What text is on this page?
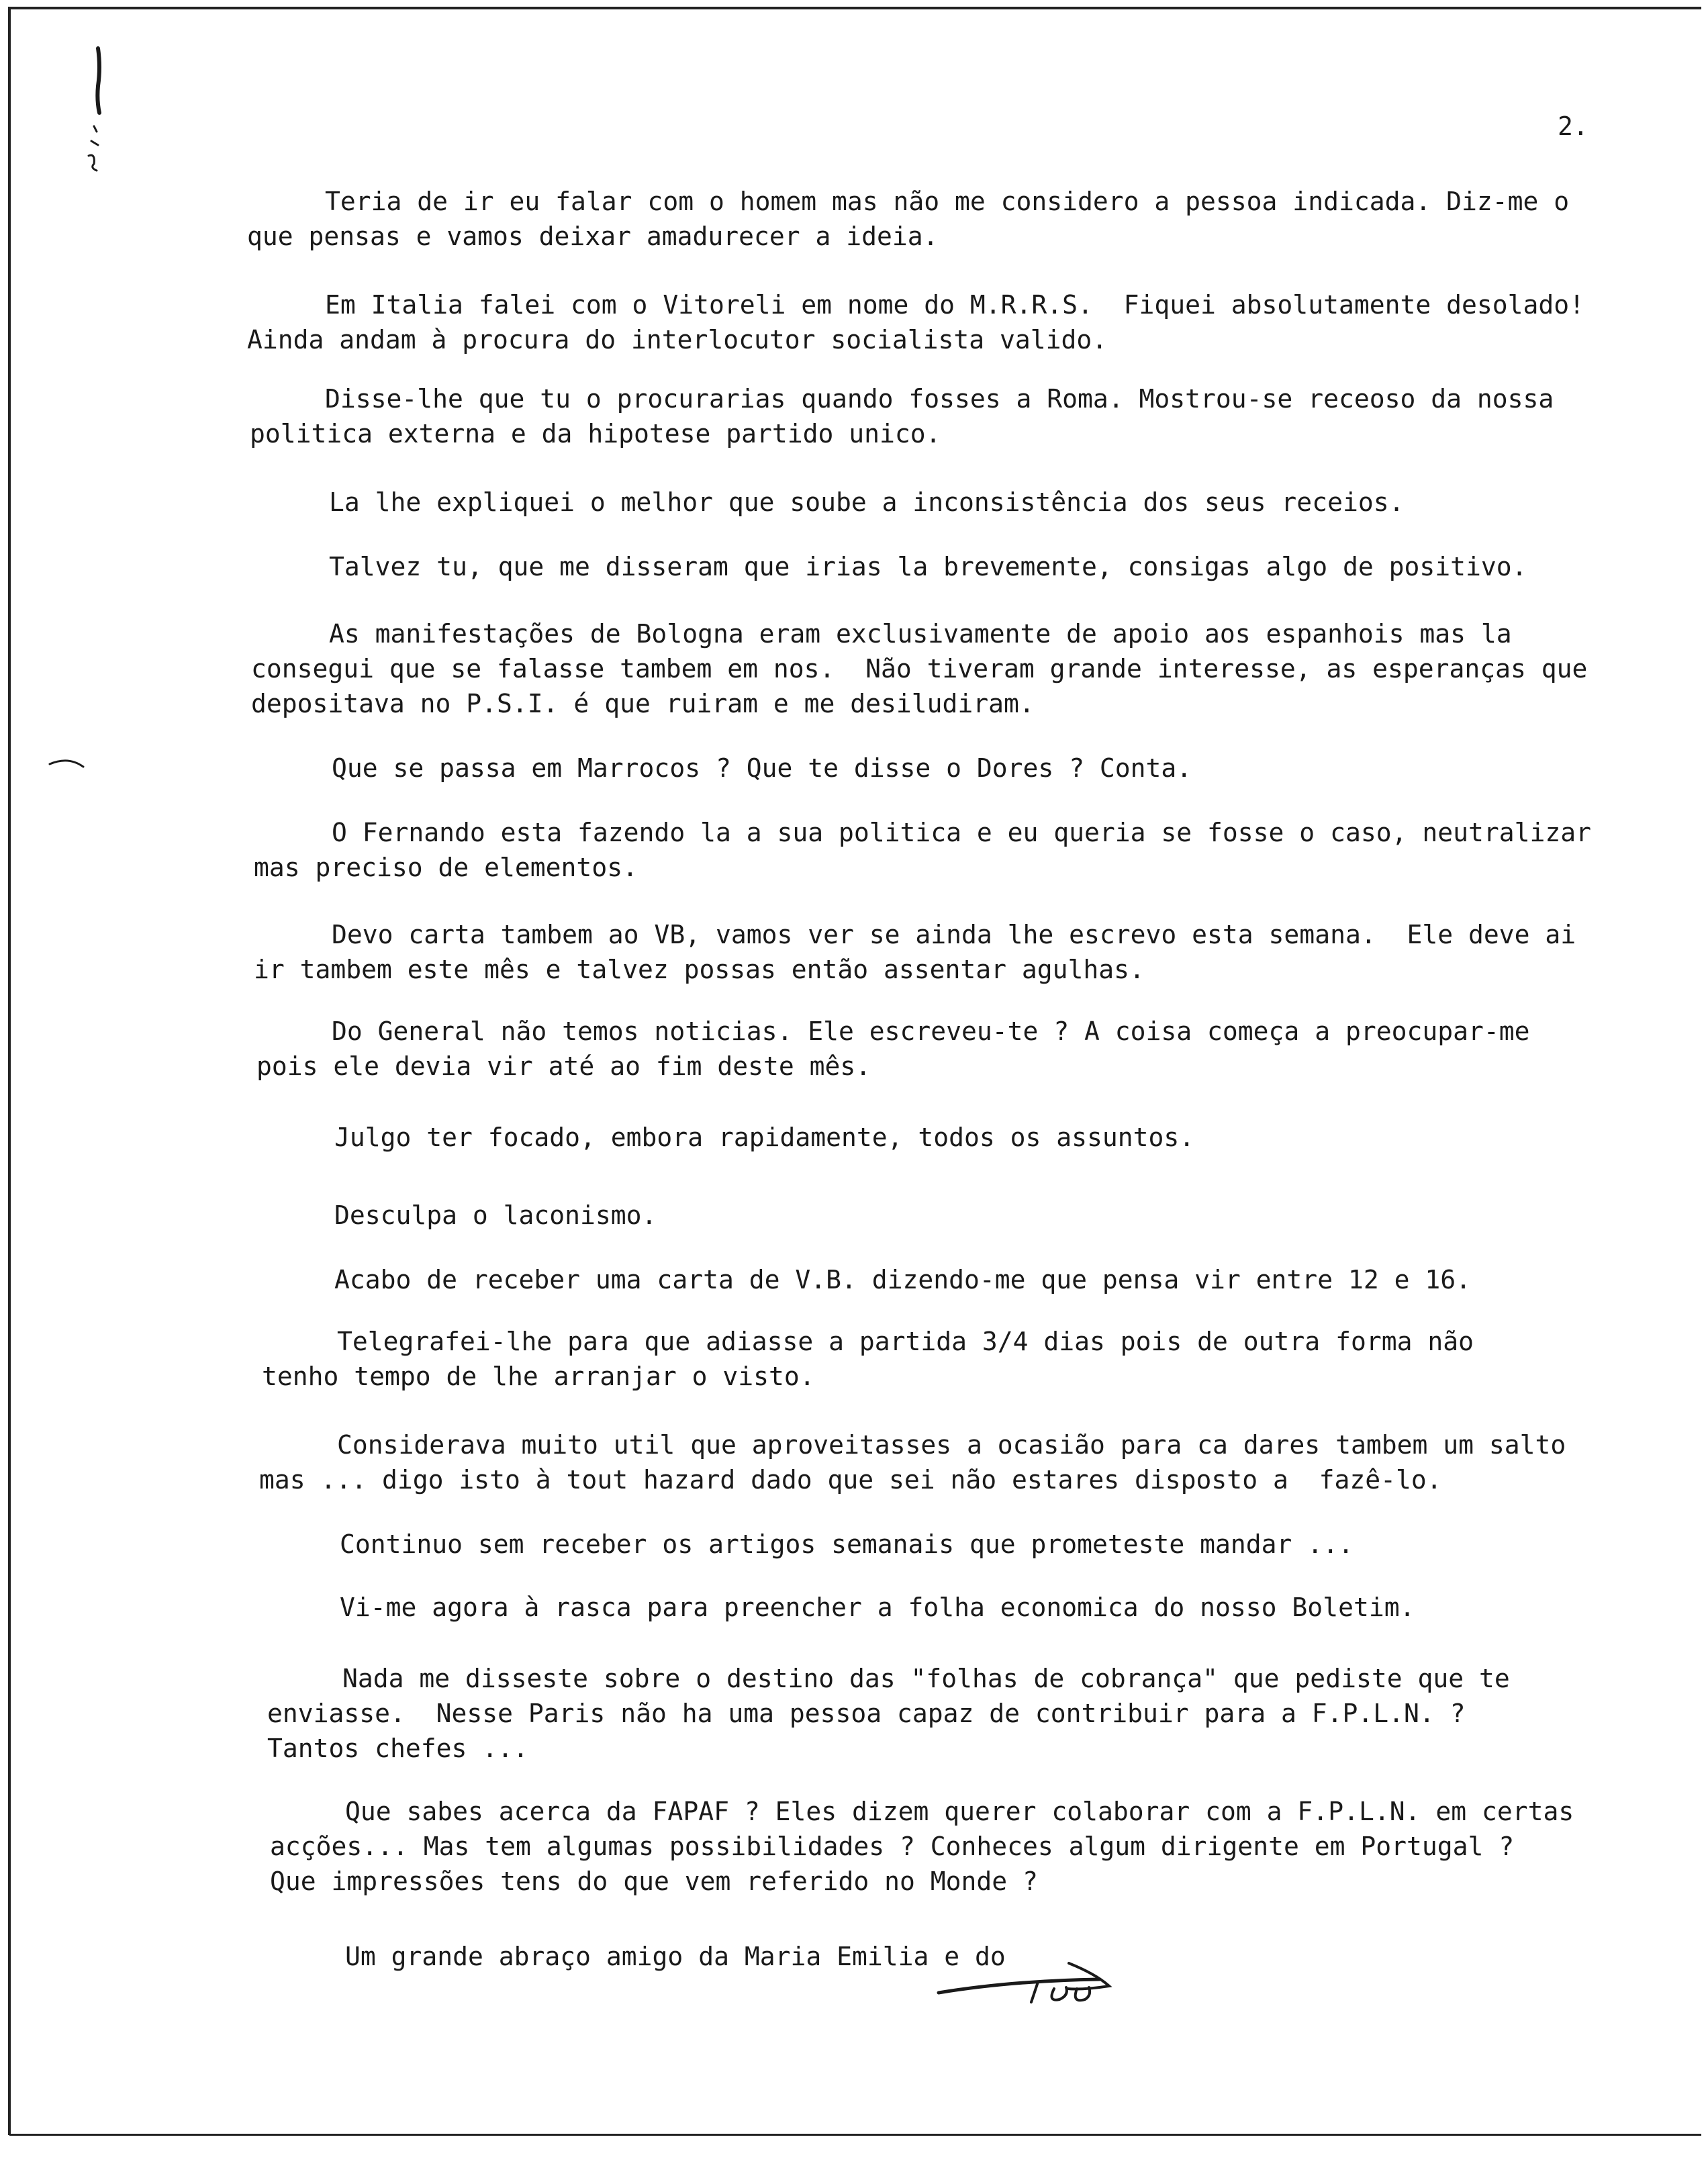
2.
Teria de ir eu falar com o homem mas não me considero a pessoa indicada. Diz-me o
que pensas e vamos deixar amadurecer a ideia.
Em Italia falei com o Vitoreli em nome do M.R.R.S.  Fiquei absolutamente desolado!
Ainda andam à procura do interlocutor socialista valido.
Disse-lhe que tu o procurarias quando fosses a Roma. Mostrou-se receoso da nossa
politica externa e da hipotese partido unico.
La lhe expliquei o melhor que soube a inconsistência dos seus receios.
Talvez tu, que me disseram que irias la brevemente, consigas algo de positivo.
As manifestações de Bologna eram exclusivamente de apoio aos espanhois mas la
consegui que se falasse tambem em nos.  Não tiveram grande interesse, as esperanças que
depositava no P.S.I. é que ruiram e me desiludiram.
Que se passa em Marrocos ? Que te disse o Dores ? Conta.
O Fernando esta fazendo la a sua politica e eu queria se fosse o caso, neutralizar
mas preciso de elementos.
Devo carta tambem ao VB, vamos ver se ainda lhe escrevo esta semana.  Ele deve ai
ir tambem este mês e talvez possas então assentar agulhas.
Do General não temos noticias. Ele escreveu-te ? A coisa começa a preocupar-me
pois ele devia vir até ao fim deste mês.
Julgo ter focado, embora rapidamente, todos os assuntos.
Desculpa o laconismo.
Acabo de receber uma carta de V.B. dizendo-me que pensa vir entre 12 e 16.
Telegrafei-lhe para que adiasse a partida 3/4 dias pois de outra forma não
tenho tempo de lhe arranjar o visto.
Considerava muito util que aproveitasses a ocasião para ca dares tambem um salto
mas ... digo isto à tout hazard dado que sei não estares disposto a  fazê-lo.
Continuo sem receber os artigos semanais que prometeste mandar ...
Vi-me agora à rasca para preencher a folha economica do nosso Boletim.
Nada me disseste sobre o destino das "folhas de cobrança" que pediste que te
enviasse.  Nesse Paris não ha uma pessoa capaz de contribuir para a F.P.L.N. ?
Tantos chefes ...
Que sabes acerca da FAPAF ? Eles dizem querer colaborar com a F.P.L.N. em certas
acções... Mas tem algumas possibilidades ? Conheces algum dirigente em Portugal ?
Que impressões tens do que vem referido no Monde ?
Um grande abraço amigo da Maria Emilia e do
